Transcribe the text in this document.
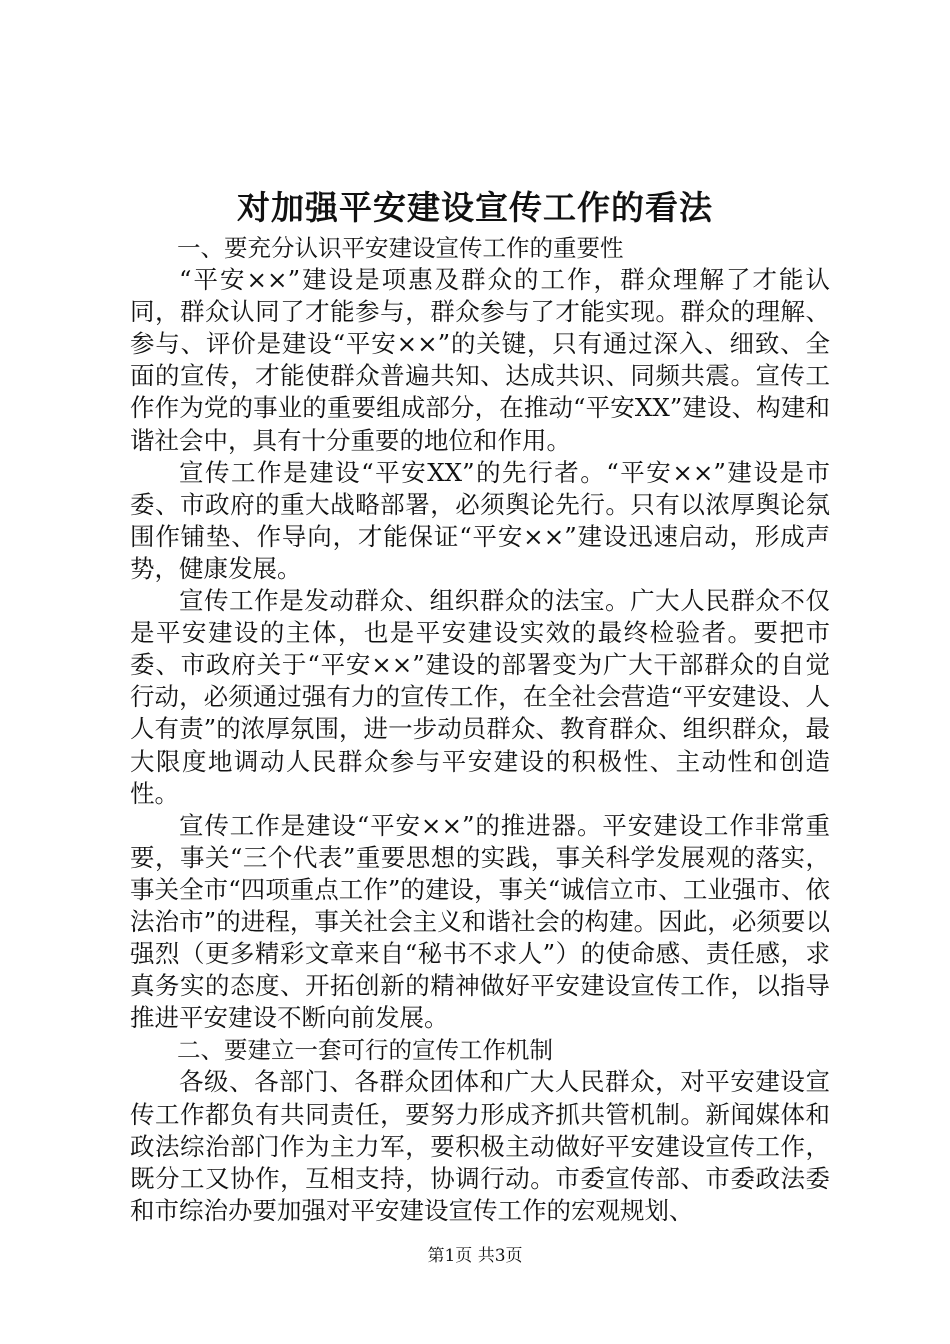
对加强平安建设宣传工作的看法

一、要充分认识平安建设宣传工作的重要性

“平安××”建设是项惠及群众的工作，群众理解了才能认同，群众认同了才能参与，群众参与了才能实现。群众的理解、参与、评价是建设“平安××”的关键，只有通过深入、细致、全面的宣传，才能使群众普遍共知、达成共识、同频共震。宣传工作作为党的事业的重要组成部分，在推动“平安XX”建设、构建和谐社会中，具有十分重要的地位和作用。

宣传工作是建设“平安XX”的先行者。“平安××”建设是市委、市政府的重大战略部署，必须舆论先行。只有以浓厚舆论氛围作铺垫、作导向，才能保证“平安××”建设迅速启动，形成声势，健康发展。

宣传工作是发动群众、组织群众的法宝。广大人民群众不仅是平安建设的主体，也是平安建设实效的最终检验者。要把市委、市政府关于“平安××”建设的部署变为广大干部群众的自觉行动，必须通过强有力的宣传工作，在全社会营造“平安建设、人人有责”的浓厚氛围，进一步动员群众、教育群众、组织群众，最大限度地调动人民群众参与平安建设的积极性、主动性和创造性。

宣传工作是建设“平安××”的推进器。平安建设工作非常重要，事关“三个代表”重要思想的实践，事关科学发展观的落实，事关全市“四项重点工作”的建设，事关“诚信立市、工业强市、依法治市”的进程，事关社会主义和谐社会的构建。因此，必须要以强烈（更多精彩文章来自“秘书不求人”）的使命感、责任感，求真务实的态度、开拓创新的精神做好平安建设宣传工作，以指导推进平安建设不断向前发展。

二、要建立一套可行的宣传工作机制

各级、各部门、各群众团体和广大人民群众，对平安建设宣传工作都负有共同责任，要努力形成齐抓共管机制。新闻媒体和政法综治部门作为主力军，要积极主动做好平安建设宣传工作，既分工又协作，互相支持，协调行动。市委宣传部、市委政法委和市综治办要加强对平安建设宣传工作的宏观规划、

第1页 共3页
